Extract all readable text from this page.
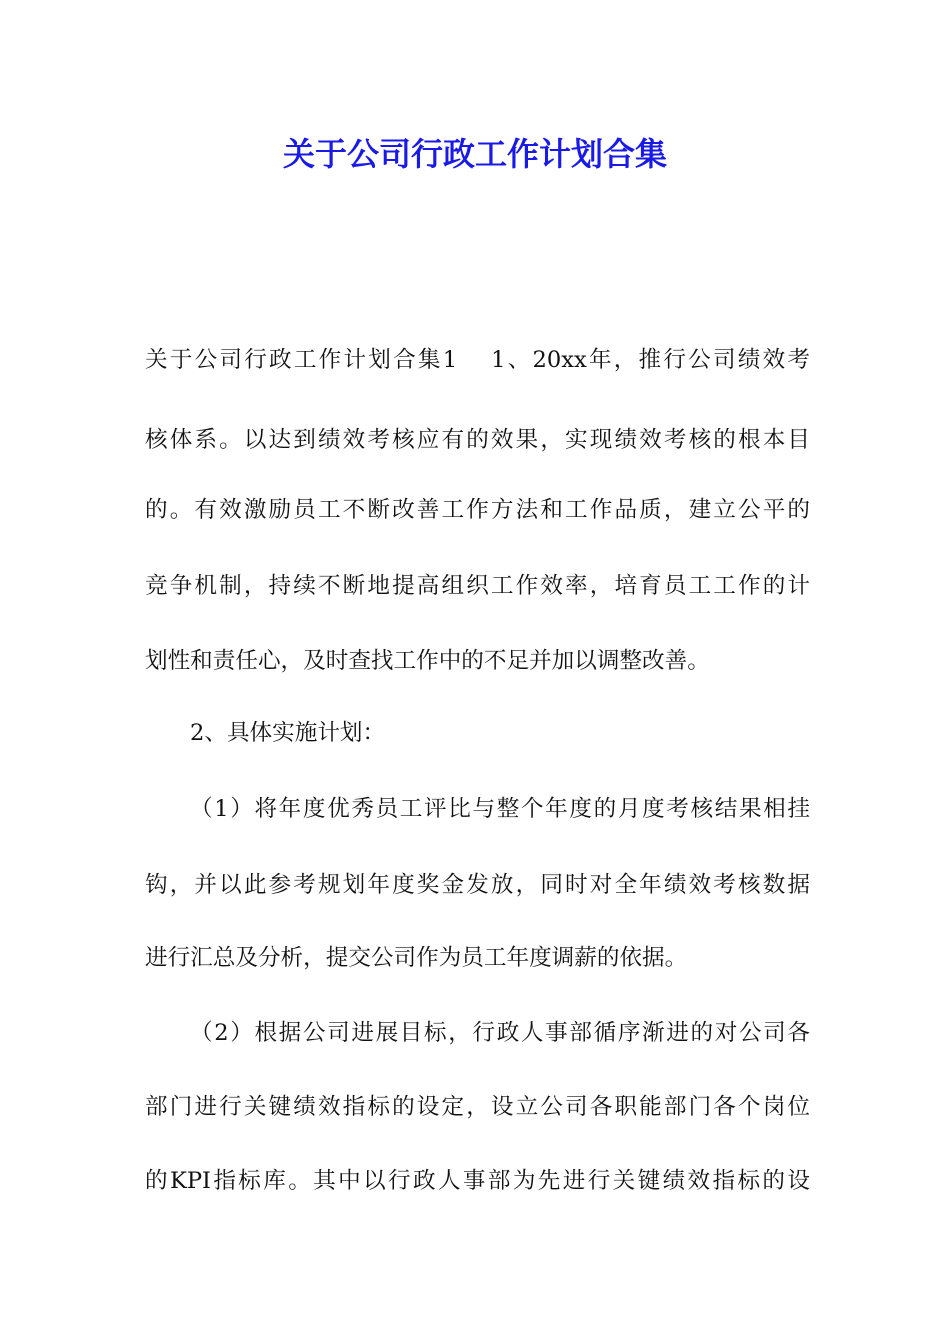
关于公司行政工作计划合集

关于公司行政工作计划合集1 1、20xx年，推行公司绩效考

核体系。以达到绩效考核应有的效果，实现绩效考核的根本目

的。有效激励员工不断改善工作方法和工作品质，建立公平的

竞争机制，持续不断地提高组织工作效率，培育员工工作的计

划性和责任心，及时查找工作中的不足并加以调整改善。

2、具体实施计划：

（1）将年度优秀员工评比与整个年度的月度考核结果相挂

钩，并以此参考规划年度奖金发放，同时对全年绩效考核数据

进行汇总及分析，提交公司作为员工年度调薪的依据。

（2）根据公司进展目标，行政人事部循序渐进的对公司各

部门进行关键绩效指标的设定，设立公司各职能部门各个岗位

的KPI指标库。其中以行政人事部为先进行关键绩效指标的设
